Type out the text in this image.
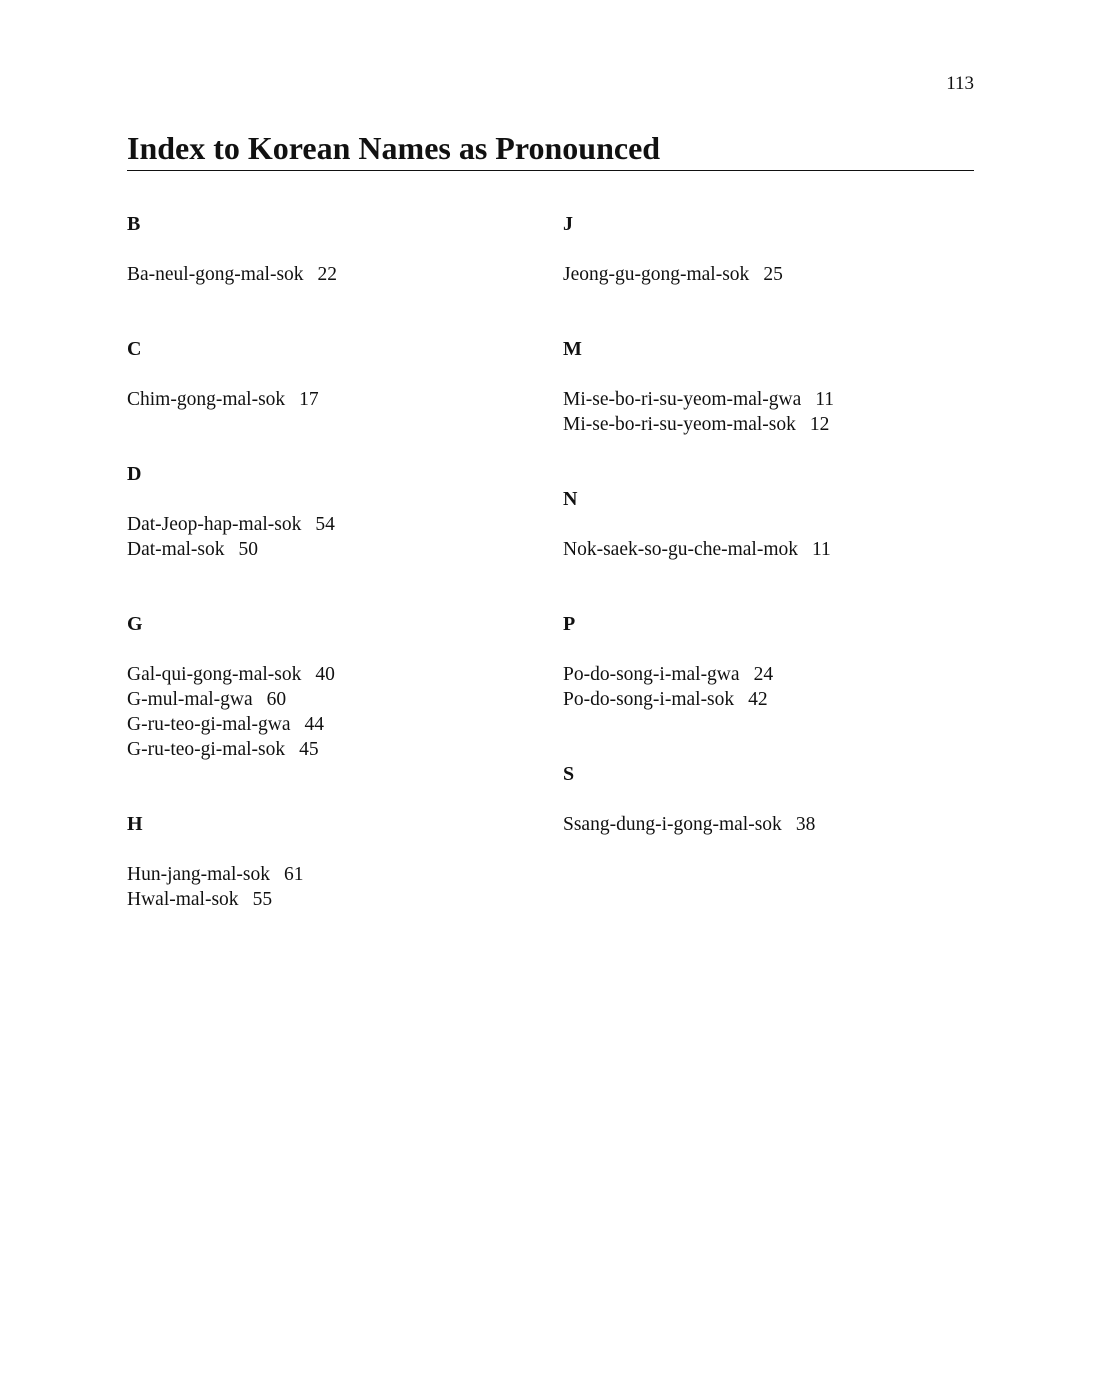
113
Index to Korean Names as Pronounced
B
Ba-neul-gong-mal-sok 22
C
Chim-gong-mal-sok 17
D
Dat-Jeop-hap-mal-sok 54
Dat-mal-sok 50
G
Gal-qui-gong-mal-sok 40
G-mul-mal-gwa 60
G-ru-teo-gi-mal-gwa 44
G-ru-teo-gi-mal-sok 45
H
Hun-jang-mal-sok 61
Hwal-mal-sok 55
J
Jeong-gu-gong-mal-sok 25
M
Mi-se-bo-ri-su-yeom-mal-gwa 11
Mi-se-bo-ri-su-yeom-mal-sok 12
N
Nok-saek-so-gu-che-mal-mok 11
P
Po-do-song-i-mal-gwa 24
Po-do-song-i-mal-sok 42
S
Ssang-dung-i-gong-mal-sok 38
